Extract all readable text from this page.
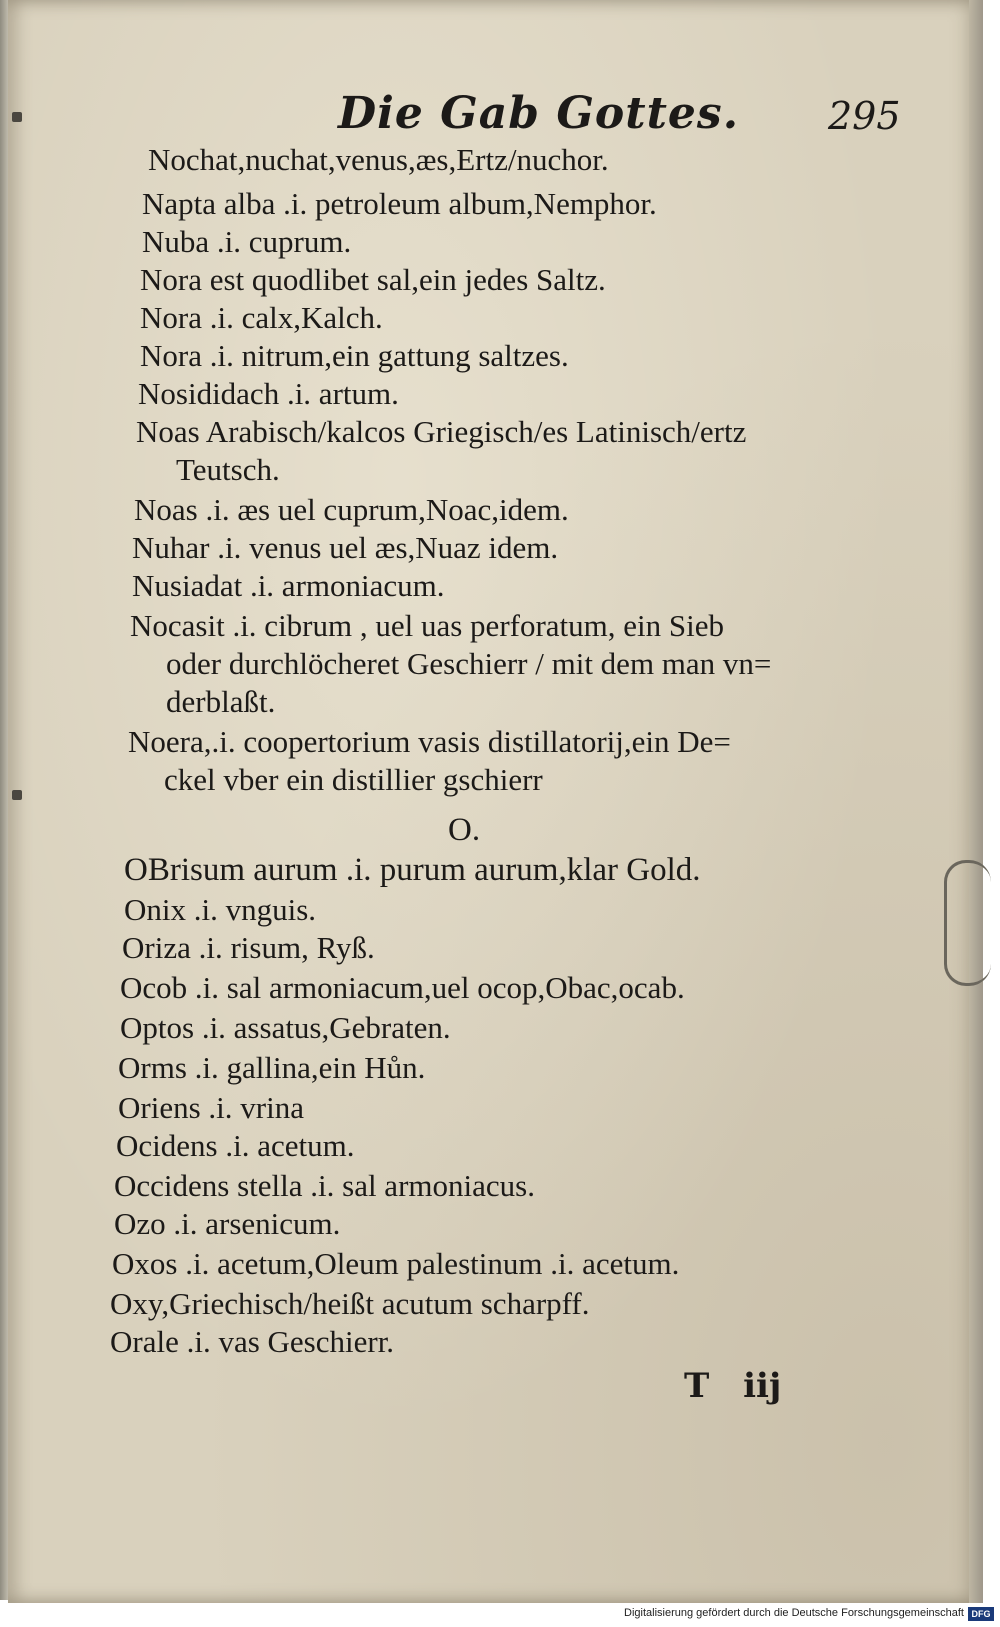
Die Gab Gottes. 295
Nochat,nuchat,venus,æs,Ertz/nuchor.
Napta alba .i. petroleum album,Nemphor.
Nuba .i. cuprum.
Nora est quodlibet sal,ein jedes Saltz.
Nora .i. calx,Kalch.
Nora .i. nitrum,ein gattung saltzes.
Nosididach .i. artum.
Noas Arabisch/kalcos Griegisch/es Latinisch/ertz
Teutsch.
Noas .i. æs uel cuprum,Noac,idem.
Nuhar .i. venus uel æs,Nuaz idem.
Nusiadat .i. armoniacum.
Nocasit .i. cibrum , uel uas perforatum, ein Sieb
oder durchlöcheret Geschierr / mit dem man vn=
derblaßt.
Noera,.i. coopertorium vasis distillatorij,ein De=
ckel vber ein distillier gschierr
O.
OBrisum aurum .i. purum aurum,klar Gold.
Onix .i. vnguis.
Oriza .i. risum, Ryß.
Ocob .i. sal armoniacum,uel ocop,Obac,ocab.
Optos .i. assatus,Gebraten.
Orms .i. gallina,ein Hůn.
Oriens .i. vrina
Ocidens .i. acetum.
Occidens stella .i. sal armoniacus.
Ozo .i. arsenicum.
Oxos .i. acetum,Oleum palestinum .i. acetum.
Oxy,Griechisch/heißt acutum scharpff.
Orale .i. vas Geschierr.
T iij
Digitalisierung gefördert durch die Deutsche Forschungsgemeinschaft DFG
